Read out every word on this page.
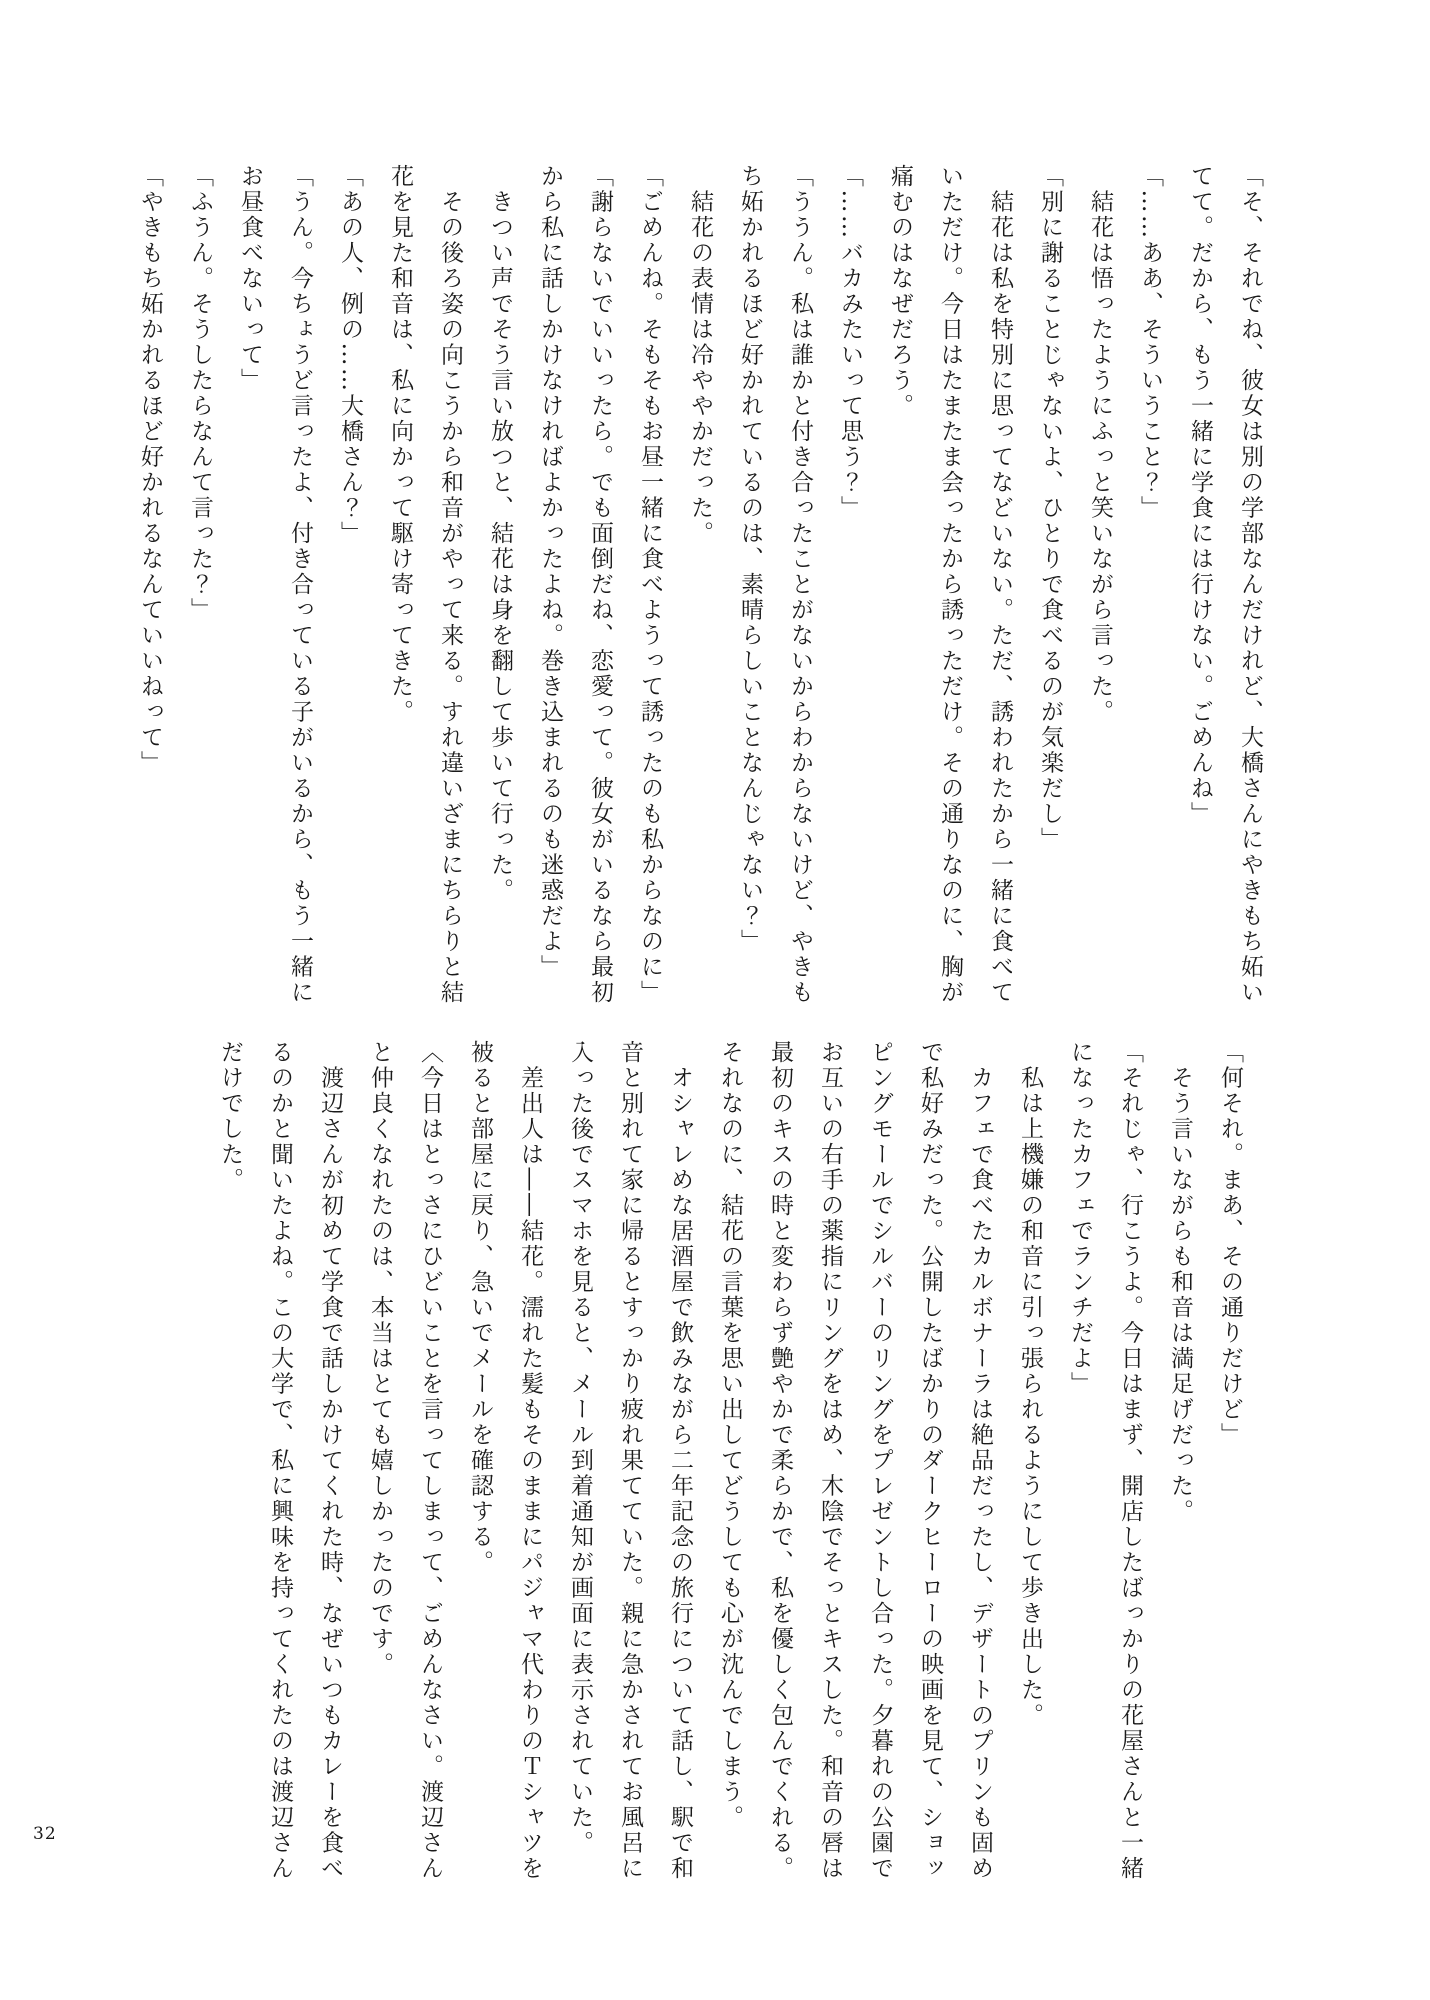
「そ、それでね、彼女は別の学部なんだけれど、大橋さんにやきもち妬いてて。だから、もう一緒に学食には行けない。ごめんね」

「……ああ、そういうこと？」

　結花は悟ったようにふっと笑いながら言った。

「別に謝ることじゃないよ、ひとりで食べるのが気楽だし」

　結花は私を特別に思ってなどいない。ただ、誘われたから一緒に食べていただけ。今日はたまたま会ったから誘っただけ。その通りなのに、胸が痛むのはなぜだろう。

「……バカみたいって思う？」

「ううん。私は誰かと付き合ったことがないからわからないけど、やきもち妬かれるほど好かれているのは、素晴らしいことなんじゃない？」

　結花の表情は冷ややかだった。

「ごめんね。そもそもお昼一緒に食べようって誘ったのも私からなのに」

「謝らないでいいったら。でも面倒だね、恋愛って。彼女がいるなら最初から私に話しかけなければよかったよね。巻き込まれるのも迷惑だよ」

　きつい声でそう言い放つと、結花は身を翻して歩いて行った。

　その後ろ姿の向こうから和音がやって来る。すれ違いざまにちらりと結花を見た和音は、私に向かって駆け寄ってきた。

「あの人、例の……大橋さん？」

「うん。今ちょうど言ったよ、付き合っている子がいるから、もう一緒にお昼食べないって」

「ふうん。そうしたらなんて言った？」

「やきもち妬かれるほど好かれるなんていいねって」

「何それ。まあ、その通りだけど」

　そう言いながらも和音は満足げだった。

「それじゃ、行こうよ。今日はまず、開店したばっかりの花屋さんと一緒になったカフェでランチだよ」

　私は上機嫌の和音に引っ張られるようにして歩き出した。

　カフェで食べたカルボナーラは絶品だったし、デザートのプリンも固めで私好みだった。公開したばかりのダークヒーローの映画を見て、ショッピングモールでシルバーのリングをプレゼントし合った。夕暮れの公園でお互いの右手の薬指にリングをはめ、木陰でそっとキスした。和音の唇は最初のキスの時と変わらず艶やかで柔らかで、私を優しく包んでくれる。それなのに、結花の言葉を思い出してどうしても心が沈んでしまう。

　オシャレめな居酒屋で飲みながら二年記念の旅行について話し、駅で和音と別れて家に帰るとすっかり疲れ果てていた。親に急かされてお風呂に入った後でスマホを見ると、メール到着通知が画面に表示されていた。

　差出人は――結花。濡れた髪もそのままにパジャマ代わりのＴシャツを被ると部屋に戻り、急いでメールを確認する。

〈今日はとっさにひどいことを言ってしまって、ごめんなさい。渡辺さんと仲良くなれたのは、本当はとても嬉しかったのです。

　渡辺さんが初めて学食で話しかけてくれた時、なぜいつもカレーを食べるのかと聞いたよね。この大学で、私に興味を持ってくれたのは渡辺さんだけでした。

32
